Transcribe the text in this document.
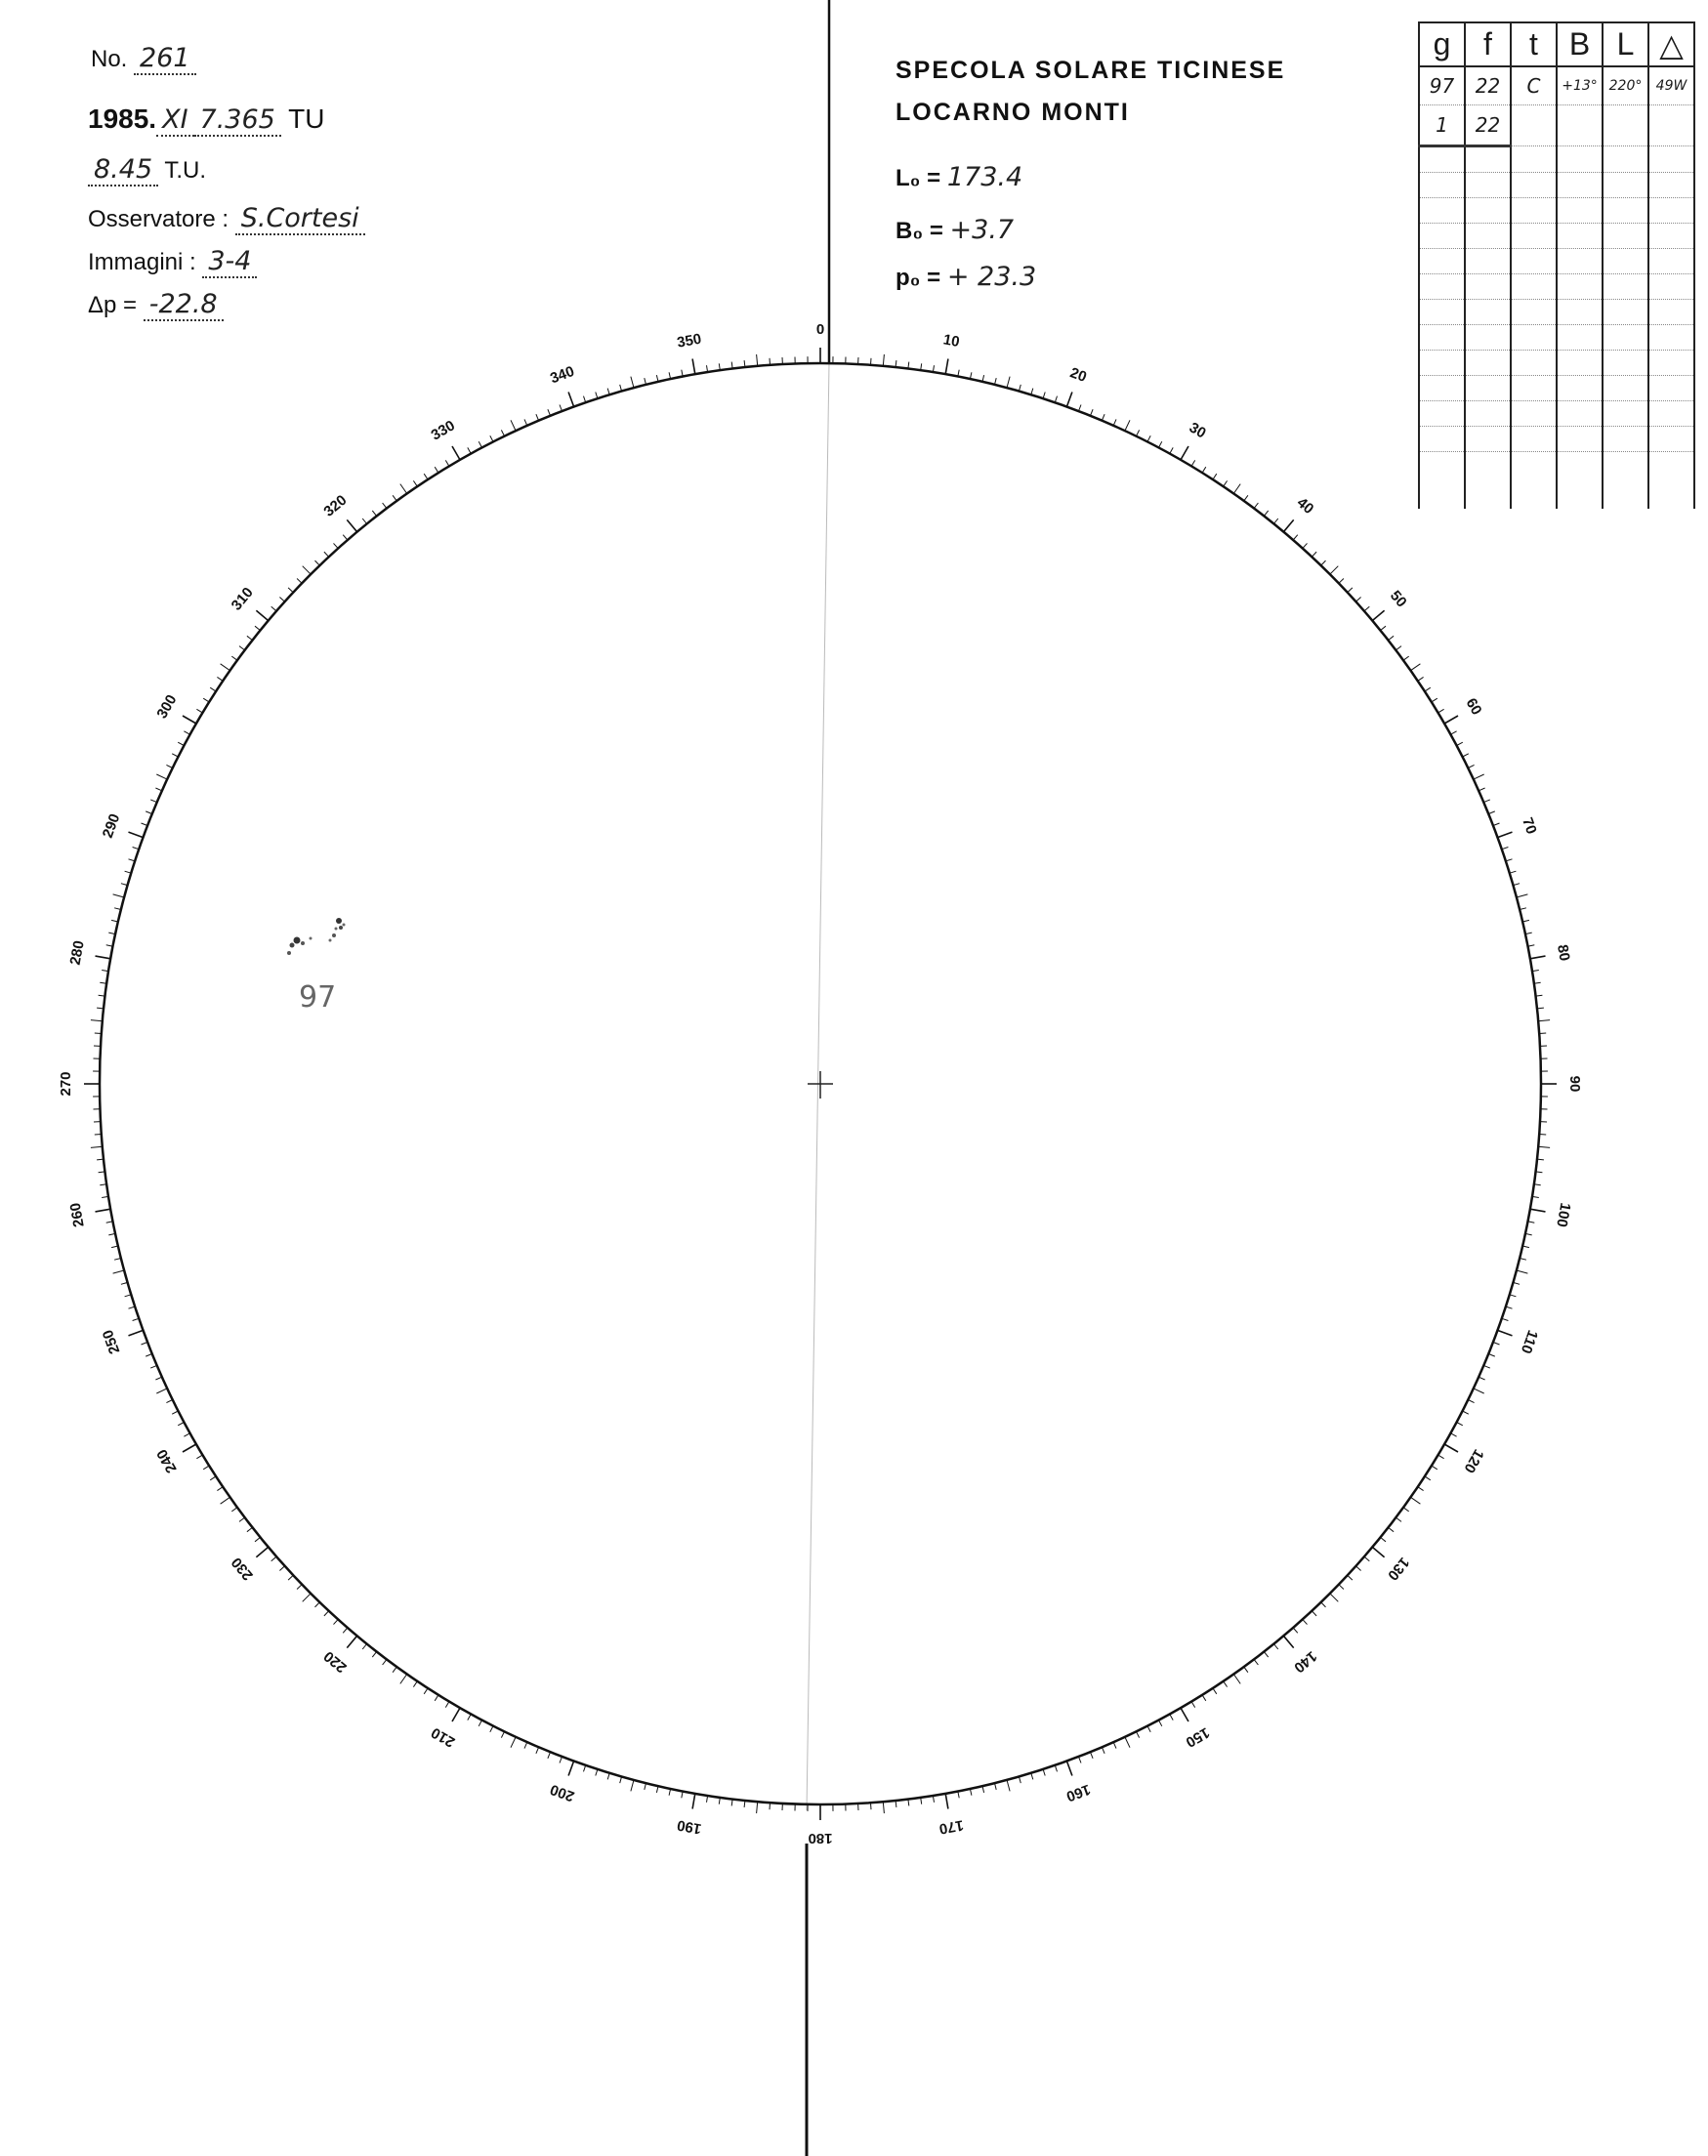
No. 261
1985. XI 7.365 TU
8.45 T.U.
Osservatore : S.Cortesi
Immagini : 3-4
Δp = -22.8
SPECOLA SOLARE TICINESE
LOCARNO MONTI
L₀ = 173.4
B₀ = +3.7
p₀ = + 23.3
g	f	t	B	L	△
97	22	C	+13°	220°	49W
1	22				

0
10
20
30
40
50
60
70
80
90
100
110
120
130
140
150
160
170
180
190
200
210
220
230
240
250
260
270
280
290
300
310
320
330
340
350
97
